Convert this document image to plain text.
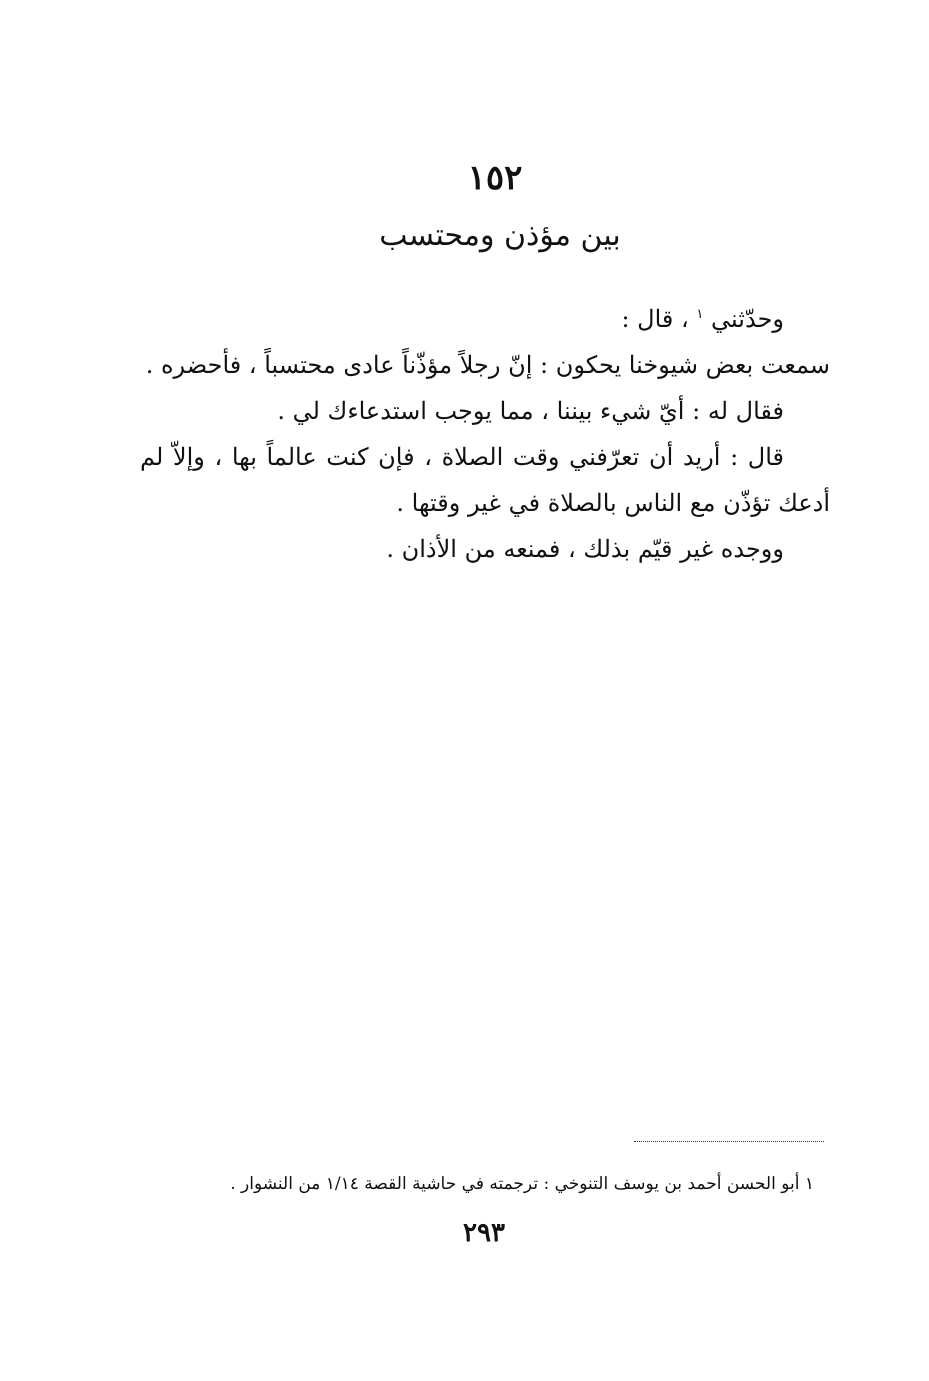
١٥٢
بين مؤذن ومحتسب
وحدّثني $^١$ ، قال :
سمعت بعض شيوخنا يحكون : إنّ رجلاً مؤذّناً عادى محتسباً ، فأحضره .
فقال له : أيّ شيء بيننا ، مما يوجب استدعاءك لي .
قال : أريد أن تعرّفني وقت الصلاة ، فإن كنت عالماً بها ، وإلاّ لم
أدعك تؤذّن مع الناس بالصلاة في غير وقتها .
ووجده غير قيّم بذلك ، فمنعه من الأذان .
١ أبو الحسن أحمد بن يوسف التنوخي : ترجمته في حاشية القصة ١/١٤ من النشوار .
٢٩٣
